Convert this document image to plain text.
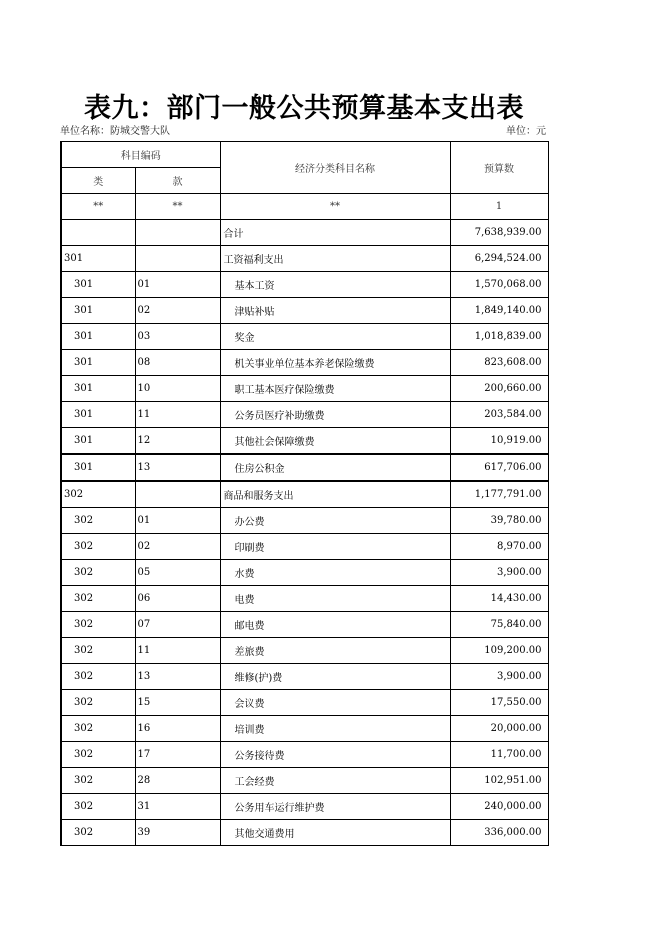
表九：部门一般公共预算基本支出表
单位名称：防城交警大队	单位：元
科目编码		经济分类科目名称	预算数
类	款		
**	**	**	1
		合计	7,638,939.00
301		工资福利支出	6,294,524.00
301	01	基本工资	1,570,068.00
301	02	津贴补贴	1,849,140.00
301	03	奖金	1,018,839.00
301	08	机关事业单位基本养老保险缴费	823,608.00
301	10	职工基本医疗保险缴费	200,660.00
301	11	公务员医疗补助缴费	203,584.00
301	12	其他社会保障缴费	10,919.00
301	13	住房公积金	617,706.00
302		商品和服务支出	1,177,791.00
302	01	办公费	39,780.00
302	02	印刷费	8,970.00
302	05	水费	3,900.00
302	06	电费	14,430.00
302	07	邮电费	75,840.00
302	11	差旅费	109,200.00
302	13	维修(护)费	3,900.00
302	15	会议费	17,550.00
302	16	培训费	20,000.00
302	17	公务接待费	11,700.00
302	28	工会经费	102,951.00
302	31	公务用车运行维护费	240,000.00
302	39	其他交通费用	336,000.00
